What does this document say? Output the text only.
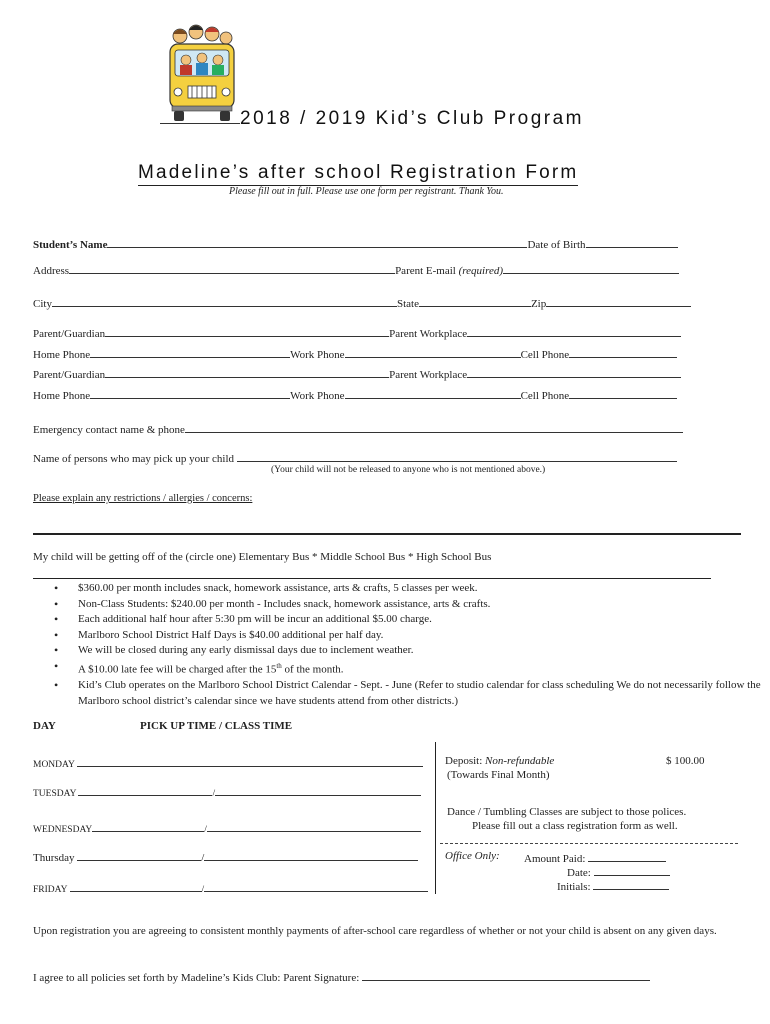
2018 / 2019 Kid’s Club Program
Madeline’s after school Registration Form
Please fill out in full. Please use one form per registrant. Thank You.
Student’s Name	Date of Birth
Address	Parent E-mail (required)
City	State	Zip
Parent/Guardian	Parent Workplace
Home Phone	Work Phone	Cell Phone
Parent/Guardian	Parent Workplace
Home Phone	Work Phone	Cell Phone
Emergency contact name & phone
Name of persons who may pick up your child
(Your child will not be released to anyone who is not mentioned above.)
Please explain any restrictions / allergies / concerns:
My child will be getting off of the (circle one) Elementary Bus * Middle School Bus * High School Bus
• $360.00 per month includes snack, homework assistance, arts & crafts, 5 classes per week.
• Non-Class Students: $240.00 per month - Includes snack, homework assistance, arts & crafts.
• Each additional half hour after 5:30 pm will be incur an additional $5.00 charge.
• Marlboro School District Half Days is $40.00 additional per half day.
• We will be closed during any early dismissal days due to inclement weather.
• A $10.00 late fee will be charged after the 15th of the month.
• Kid’s Club operates on the Marlboro School District Calendar - Sept. - June (Refer to studio calendar for class scheduling We do not necessarily follow the Marlboro school district’s calendar since we have students attend from other districts.)
DAY	PICK UP TIME / CLASS TIME
MONDAY
TUESDAY	/
WEDNESDAY	/
Thursday	/
FRIDAY	/
Deposit: Non-refundable	$ 100.00
(Towards Final Month)
Dance / Tumbling Classes are subject to those polices.
Please fill out a class registration form as well.
Office Only: Amount Paid:
Date:
Initials:
Upon registration you are agreeing to consistent monthly payments of after-school care regardless of whether or not your child is absent on any given days.
I agree to all policies set forth by Madeline’s Kids Club: Parent Signature:
